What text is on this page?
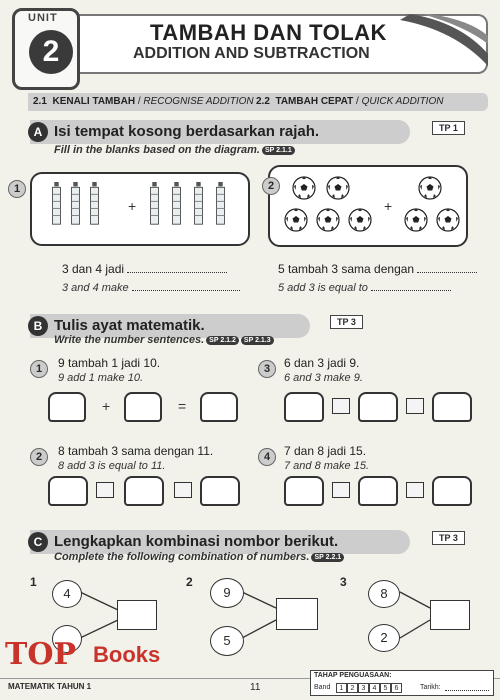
UNIT
2
TAMBAH DAN TOLAK
ADDITION AND SUBTRACTION
2.1 KENALI TAMBAH / RECOGNISE ADDITION 2.2 TAMBAH CEPAT / QUICK ADDITION
A Isi tempat kosong berdasarkan rajah.
Fill in the blanks based on the diagram. SP 2.1.1
TP 1
1
+
2
+
3 dan 4 jadi
3 and 4 make
5 tambah 3 sama dengan
5 add 3 is equal to
B Tulis ayat matematik.
Write the number sentences. SP 2.1.2 SP 2.1.3
TP 3
1	9 tambah 1 jadi 10.
9 add 1 make 10.
+	=
3	6 dan 3 jadi 9.
6 and 3 make 9.
2	8 tambah 3 sama dengan 11.
8 add 3 is equal to 11.
4	7 dan 8 jadi 15.
7 and 8 make 15.
C Lengkapkan kombinasi nombor berikut.
Complete the following combination of numbers. SP 2.2.1
TP 3
1
4
2
9
5
3
8
2
TOP Books
MATEMATIK TAHUN 1	11
TAHAP PENGUASAAN:
Band	1	2	3	4	5	6	Tarikh:
